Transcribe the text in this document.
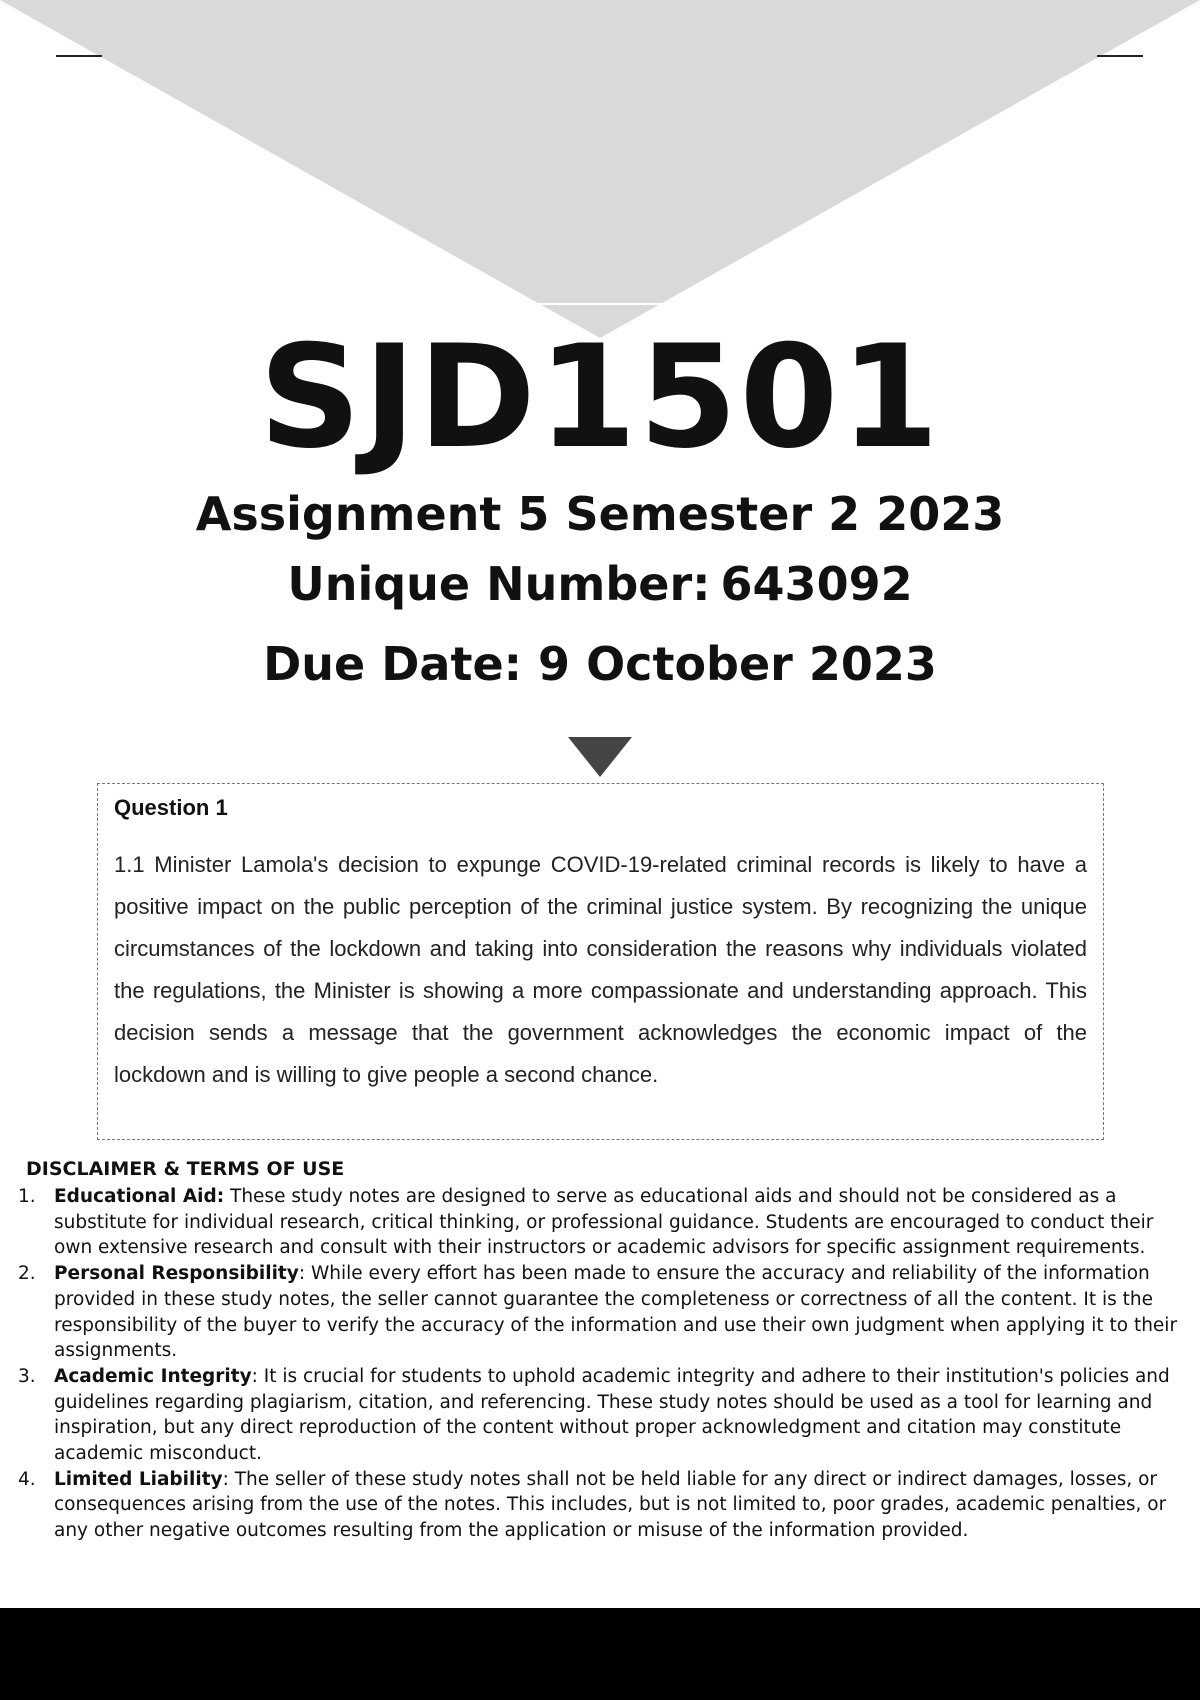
SJD1501
Assignment 5 Semester 2 2023
Unique Number: 643092
Due Date: 9 October 2023
Question 1

1.1 Minister Lamola's decision to expunge COVID-19-related criminal records is likely to have a positive impact on the public perception of the criminal justice system. By recognizing the unique circumstances of the lockdown and taking into consideration the reasons why individuals violated the regulations, the Minister is showing a more compassionate and understanding approach. This decision sends a message that the government acknowledges the economic impact of the lockdown and is willing to give people a second chance.

DISCLAIMER & TERMS OF USE
1. Educational Aid: These study notes are designed to serve as educational aids and should not be considered as a substitute for individual research, critical thinking, or professional guidance. Students are encouraged to conduct their own extensive research and consult with their instructors or academic advisors for specific assignment requirements.
2. Personal Responsibility: While every effort has been made to ensure the accuracy and reliability of the information provided in these study notes, the seller cannot guarantee the completeness or correctness of all the content. It is the responsibility of the buyer to verify the accuracy of the information and use their own judgment when applying it to their assignments.
3. Academic Integrity: It is crucial for students to uphold academic integrity and adhere to their institution's policies and guidelines regarding plagiarism, citation, and referencing. These study notes should be used as a tool for learning and inspiration, but any direct reproduction of the content without proper acknowledgment and citation may constitute academic misconduct.
4. Limited Liability: The seller of these study notes shall not be held liable for any direct or indirect damages, losses, or consequences arising from the use of the notes. This includes, but is not limited to, poor grades, academic penalties, or any other negative outcomes resulting from the application or misuse of the information provided.
